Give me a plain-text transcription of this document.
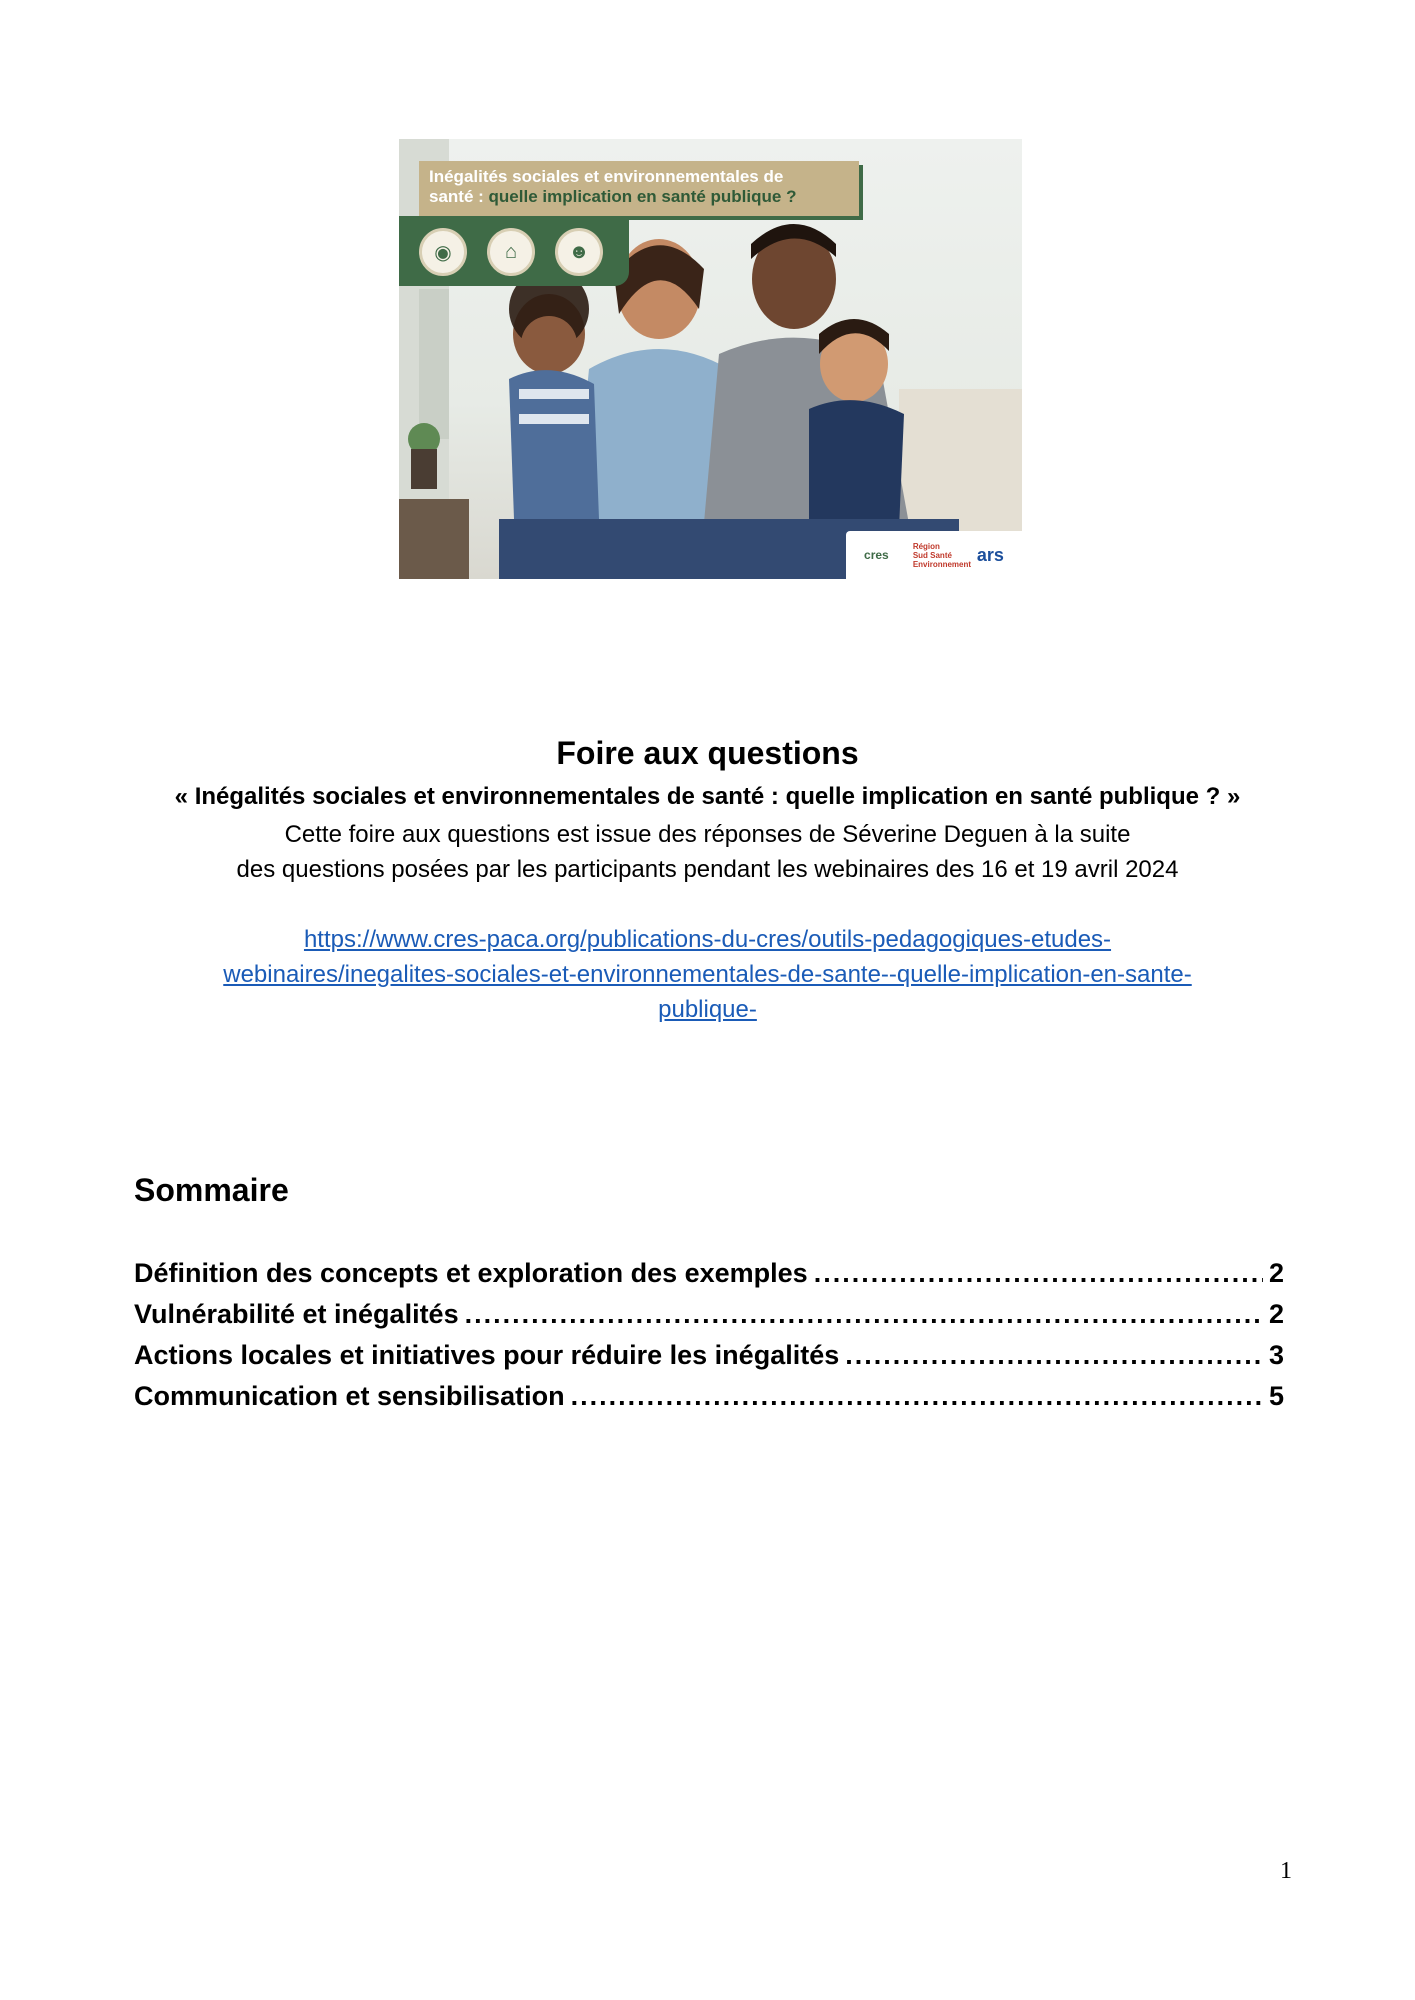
Inégalités sociales et environnementales de
santé : quelle implication en santé publique ?
◉	⌂	☻
cres
Région Sud Santé Environnement ars
Foire aux questions
« Inégalités sociales et environnementales de santé : quelle implication en santé publique ? »
Cette foire aux questions est issue des réponses de Séverine Deguen à la suite
des questions posées par les participants pendant les webinaires des 16 et 19 avril 2024
https://www.cres-paca.org/publications-du-cres/outils-pedagogiques-etudes-
webinaires/inegalites-sociales-et-environnementales-de-sante--quelle-implication-en-sante-
publique-
Sommaire
Définition des concepts et exploration des exemples .....	2
Vulnérabilité et inégalités .....	2
Actions locales et initiatives pour réduire les inégalités .....	3
Communication et sensibilisation .....	5
1
